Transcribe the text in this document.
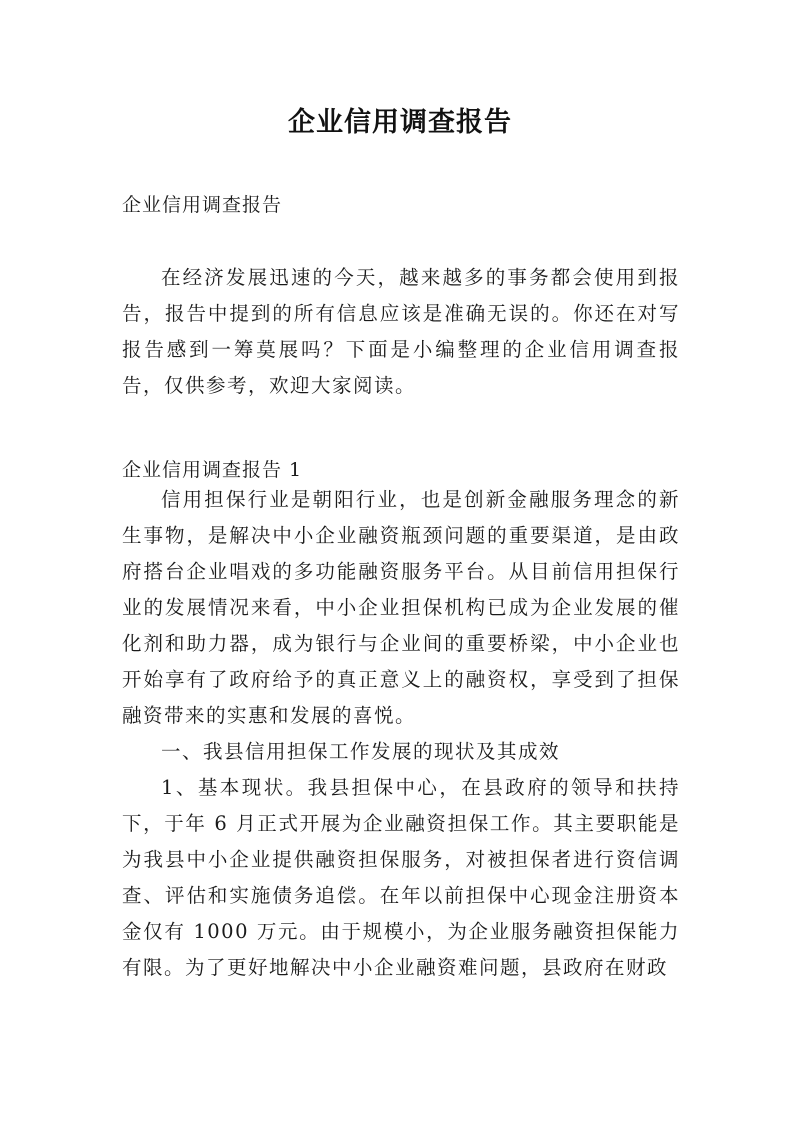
企业信用调查报告
企业信用调查报告

在经济发展迅速的今天，越来越多的事务都会使用到报告，报告中提到的所有信息应该是准确无误的。你还在对写报告感到一筹莫展吗？下面是小编整理的企业信用调查报告，仅供参考，欢迎大家阅读。

企业信用调查报告 1

信用担保行业是朝阳行业，也是创新金融服务理念的新生事物，是解决中小企业融资瓶颈问题的重要渠道，是由政府搭台企业唱戏的多功能融资服务平台。从目前信用担保行业的发展情况来看，中小企业担保机构已成为企业发展的催化剂和助力器，成为银行与企业间的重要桥梁，中小企业也开始享有了政府给予的真正意义上的融资权，享受到了担保融资带来的实惠和发展的喜悦。

一、我县信用担保工作发展的现状及其成效

1、基本现状。我县担保中心，在县政府的领导和扶持下，于年 6 月正式开展为企业融资担保工作。其主要职能是为我县中小企业提供融资担保服务，对被担保者进行资信调查、评估和实施债务追偿。在年以前担保中心现金注册资本金仅有 1000 万元。由于规模小，为企业服务融资担保能力有限。为了更好地解决中小企业融资难问题，县政府在财政
